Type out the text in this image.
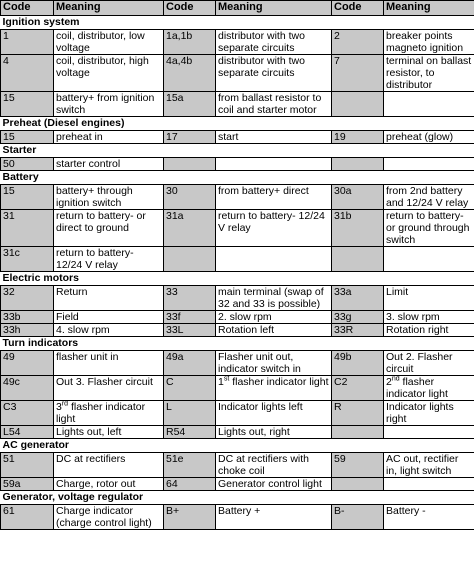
Code	Meaning	Code	Meaning	Code	Meaning
Ignition system					
1	coil, distributor, low voltage	1a,1b	distributor with two separate circuits	2	breaker points magneto ignition
4	coil, distributor, high voltage	4a,4b	distributor with two separate circuits	7	terminal on ballast resistor, to distributor
15	battery+ from ignition switch	15a	from ballast resistor to coil and starter motor		
Preheat (Diesel engines)					
15	preheat in	17	start	19	preheat (glow)
Starter					
50	starter control				
Battery					
15	battery+ through ignition switch	30	from battery+ direct	30a	from 2nd battery and 12/24 V relay
31	return to battery- or direct to ground	31a	return to battery- 12/24 V relay	31b	return to battery- or ground through switch
31c	return to battery- 12/24 V relay				
Electric motors					
32	Return	33	main terminal (swap of 32 and 33 is possible)	33a	Limit
33b	Field	33f	2. slow rpm	33g	3. slow rpm
33h	4. slow rpm	33L	Rotation left	33R	Rotation right
Turn indicators					
49	flasher unit in	49a	Flasher unit out, indicator switch in	49b	Out 2. Flasher circuit
49c	Out 3. Flasher circuit	C	1st flasher indicator light	C2	2nd flasher indicator light
C3	3rd flasher indicator light	L	Indicator lights left	R	Indicator lights right
L54	Lights out, left	R54	Lights out, right		
AC generator					
51	DC at rectifiers	51e	DC at rectifiers with choke coil	59	AC out, rectifier in, light switch
59a	Charge, rotor out	64	Generator control light		
Generator, voltage regulator					
61	Charge indicator (charge control light)	B+	Battery +	B-	Battery -
